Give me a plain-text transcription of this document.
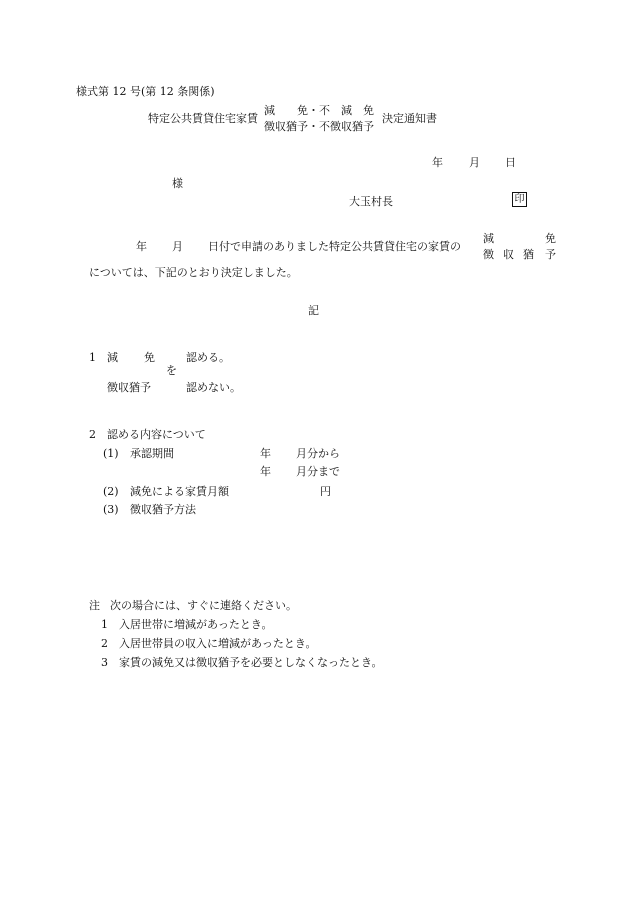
様式第 12 号(第 12 条関係)
特定公共賃貸住宅家賃
減　　免・不　減　免
徴収猶予・不徴収猶予
決定通知書
年 月 日
様
大玉村長	印
年 月 日付で申請のありました特定公共賃貸住宅の家賃の
減	免
徴 収 猶 予
については、下記のとおり決定しました。
記
1 減 免	認める。
を
徴収猶予	認めない。
2 認める内容について
(1) 承認期間	年 月分から
年 月分まで
(2) 減免による家賃月額	円
(3) 徴収猶予方法
注 次の場合には、すぐに連絡ください。
1 入居世帯に増減があったとき。
2 入居世帯員の収入に増減があったとき。
3 家賃の減免又は徴収猶予を必要としなくなったとき。
